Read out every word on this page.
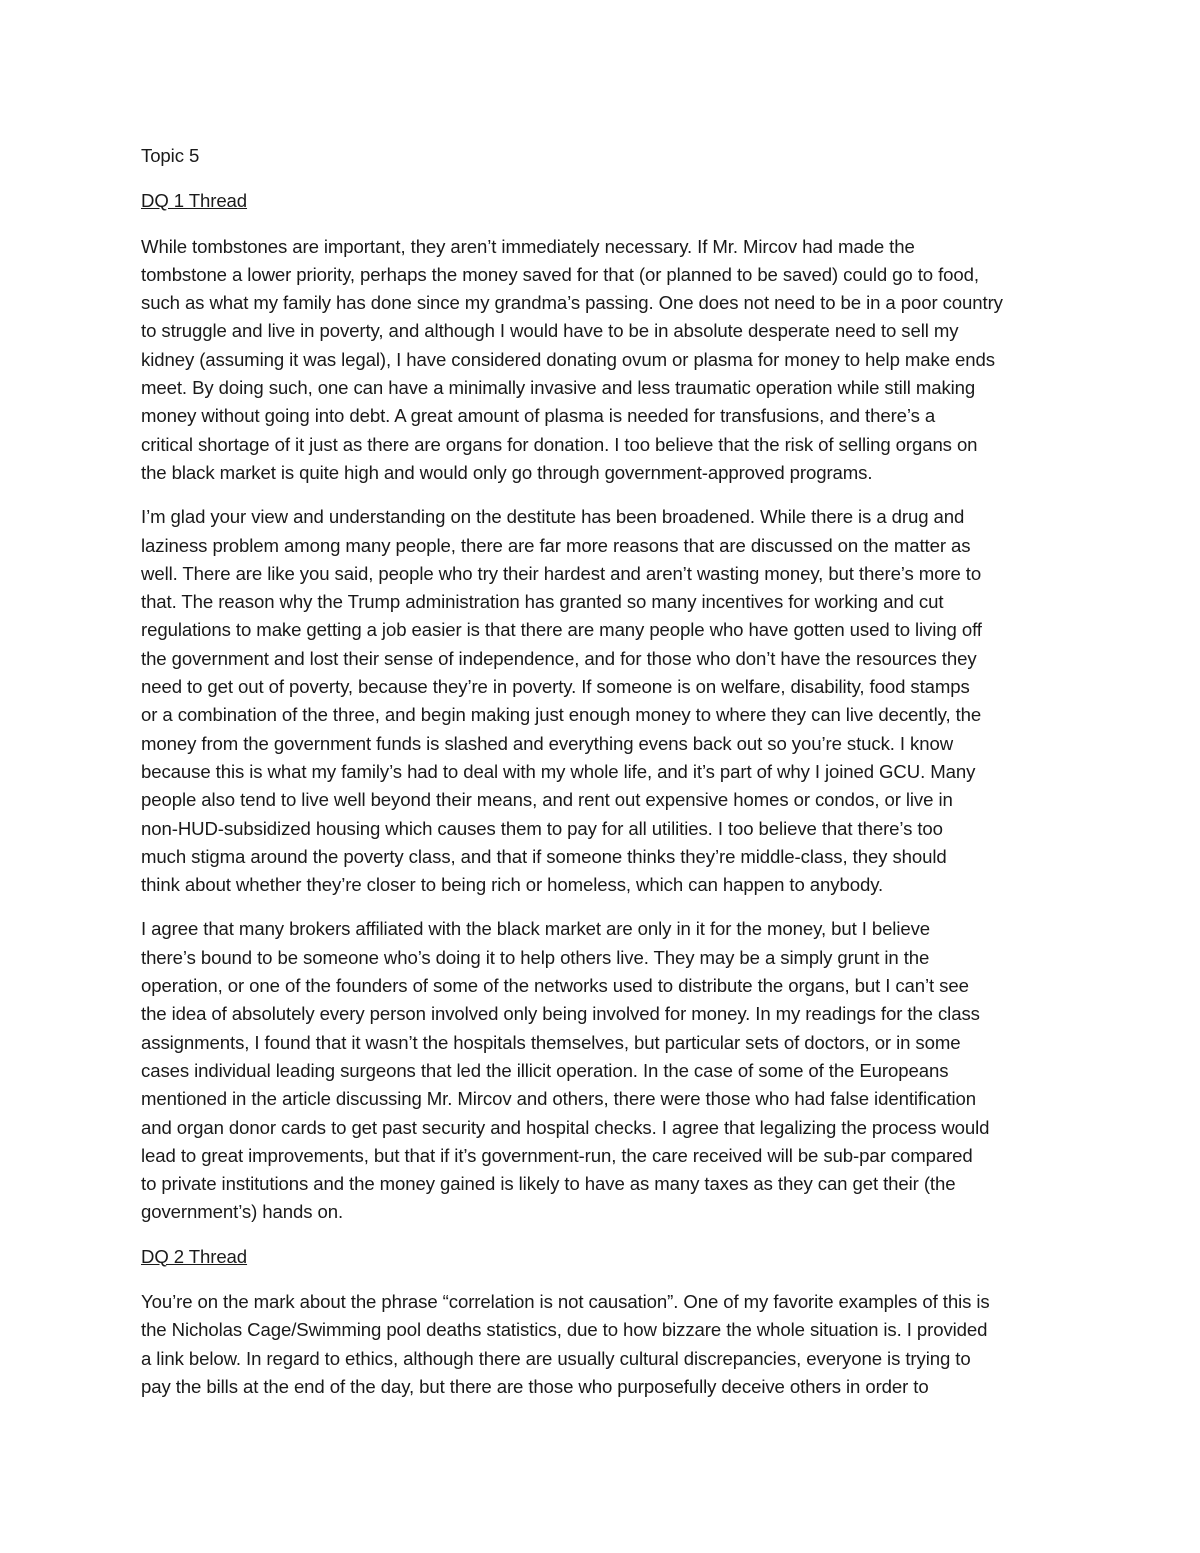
Topic 5

DQ 1 Thread

While tombstones are important, they aren’t immediately necessary. If Mr. Mircov had made the

tombstone a lower priority, perhaps the money saved for that (or planned to be saved) could go to food,

such as what my family has done since my grandma’s passing. One does not need to be in a poor country

to struggle and live in poverty, and although I would have to be in absolute desperate need to sell my

kidney (assuming it was legal), I have considered donating ovum or plasma for money to help make ends

meet. By doing such, one can have a minimally invasive and less traumatic operation while still making

money without going into debt. A great amount of plasma is needed for transfusions, and there’s a

critical shortage of it just as there are organs for donation. I too believe that the risk of selling organs on

the black market is quite high and would only go through government-approved programs.

I’m glad your view and understanding on the destitute has been broadened. While there is a drug and

laziness problem among many people, there are far more reasons that are discussed on the matter as

well. There are like you said, people who try their hardest and aren’t wasting money, but there’s more to

that. The reason why the Trump administration has granted so many incentives for working and cut

regulations to make getting a job easier is that there are many people who have gotten used to living off

the government and lost their sense of independence, and for those who don’t have the resources they

need to get out of poverty, because they’re in poverty. If someone is on welfare, disability, food stamps

or a combination of the three, and begin making just enough money to where they can live decently, the

money from the government funds is slashed and everything evens back out so you’re stuck. I know

because this is what my family’s had to deal with my whole life, and it’s part of why I joined GCU. Many

people also tend to live well beyond their means, and rent out expensive homes or condos, or live in

non-HUD-subsidized housing which causes them to pay for all utilities. I too believe that there’s too

much stigma around the poverty class, and that if someone thinks they’re middle-class, they should

think about whether they’re closer to being rich or homeless, which can happen to anybody.

I agree that many brokers affiliated with the black market are only in it for the money, but I believe

there’s bound to be someone who’s doing it to help others live. They may be a simply grunt in the

operation, or one of the founders of some of the networks used to distribute the organs, but I can’t see

the idea of absolutely every person involved only being involved for money. In my readings for the class

assignments, I found that it wasn’t the hospitals themselves, but particular sets of doctors, or in some

cases individual leading surgeons that led the illicit operation. In the case of some of the Europeans

mentioned in the article discussing Mr. Mircov and others, there were those who had false identification

and organ donor cards to get past security and hospital checks. I agree that legalizing the process would

lead to great improvements, but that if it’s government-run, the care received will be sub-par compared

to private institutions and the money gained is likely to have as many taxes as they can get their (the

government’s) hands on.

DQ 2 Thread

You’re on the mark about the phrase “correlation is not causation”. One of my favorite examples of this is

the Nicholas Cage/Swimming pool deaths statistics, due to how bizzare the whole situation is. I provided

a link below. In regard to ethics, although there are usually cultural discrepancies, everyone is trying to

pay the bills at the end of the day, but there are those who purposefully deceive others in order to
